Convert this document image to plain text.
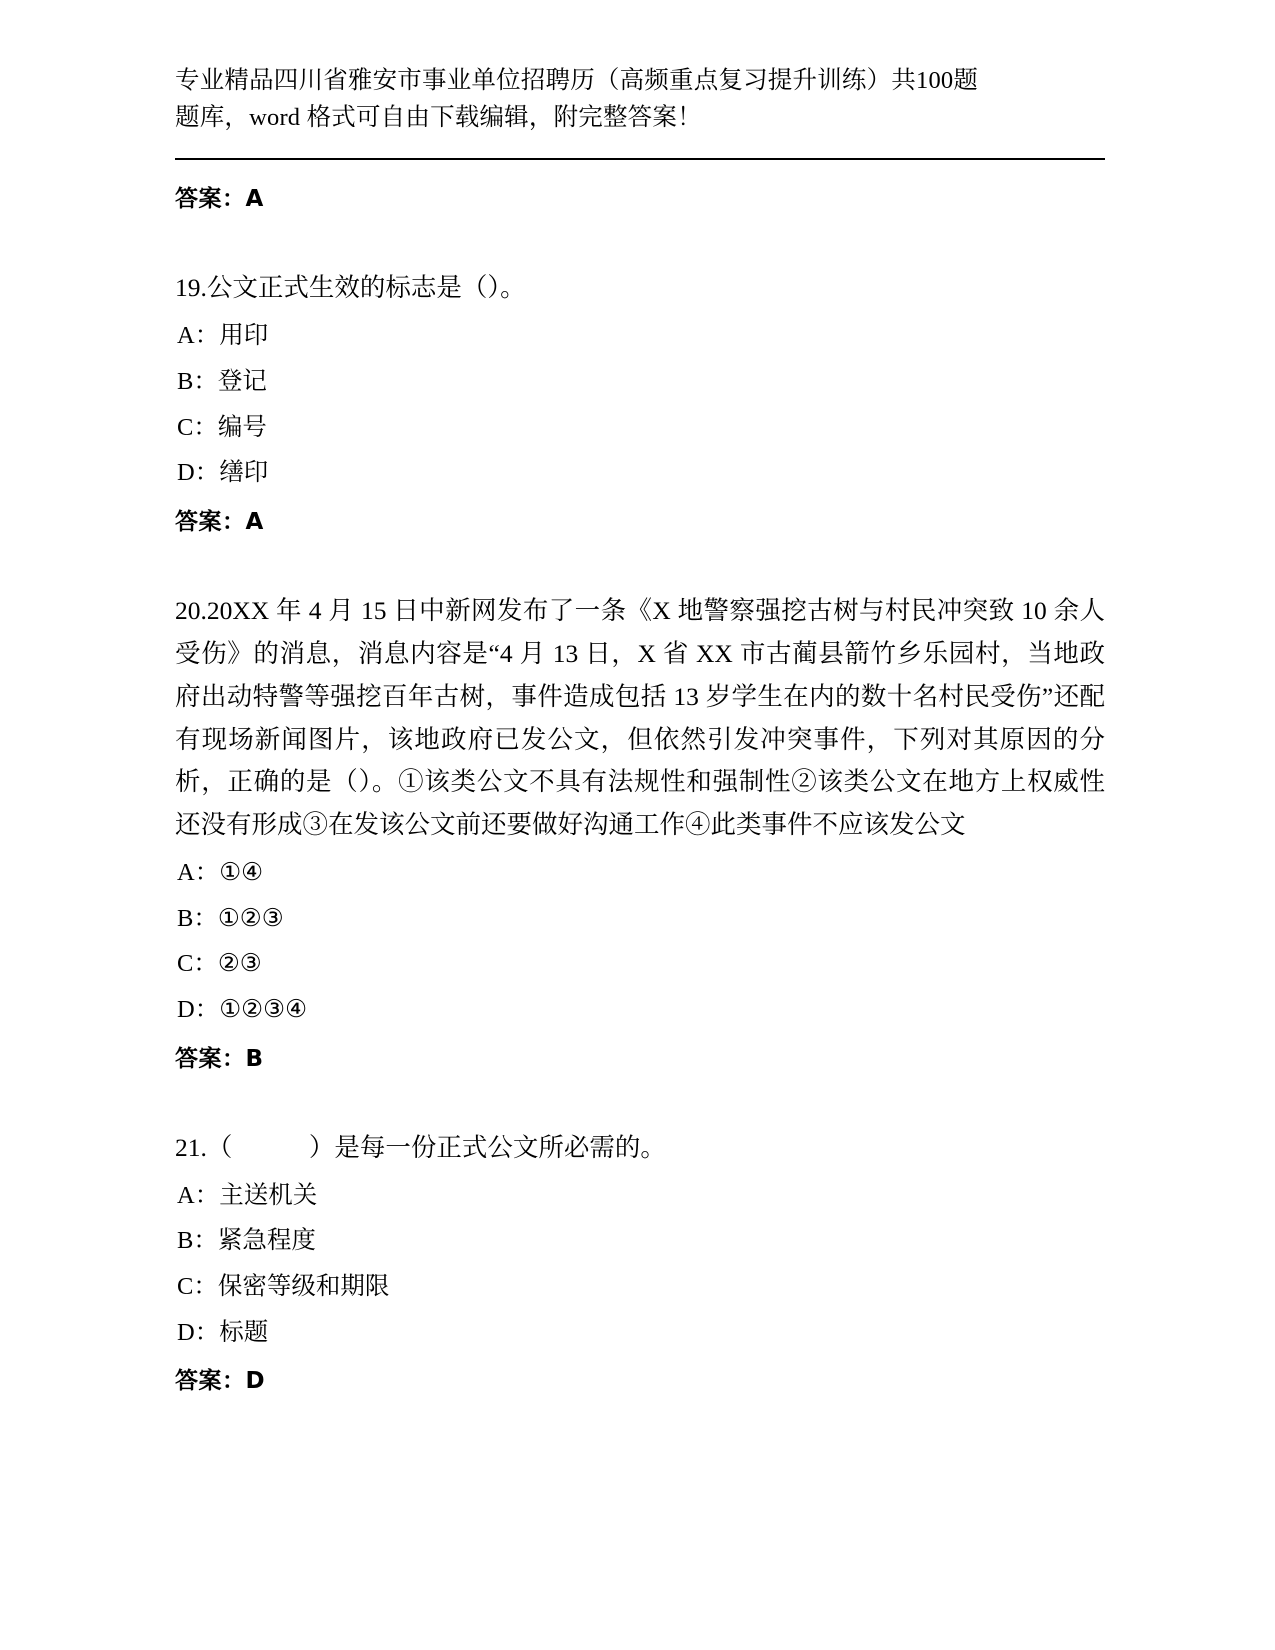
专业精品四川省雅安市事业单位招聘历（高频重点复习提升训练）共100题
题库，word 格式可自由下载编辑，附完整答案！

答案：A

19.公文正式生效的标志是（）。

A：用印

B：登记

C：编号

D：缮印

答案：A

20.20XX 年 4 月 15 日中新网发布了一条《X 地警察强挖古树与村民冲突致 10 余人受伤》的消息，消息内容是“4 月 13 日，X 省 XX 市古蔺县箭竹乡乐园村，当地政府出动特警等强挖百年古树，事件造成包括 13 岁学生在内的数十名村民受伤”还配有现场新闻图片，该地政府已发公文，但依然引发冲突事件，下列对其原因的分析，正确的是（）。①该类公文不具有法规性和强制性②该类公文在地方上权威性还没有形成③在发该公文前还要做好沟通工作④此类事件不应该发公文

A：①④

B：①②③

C：②③

D：①②③④

答案：B

21.（　　　）是每一份正式公文所必需的。

A：主送机关

B：紧急程度

C：保密等级和期限

D：标题

答案：D
